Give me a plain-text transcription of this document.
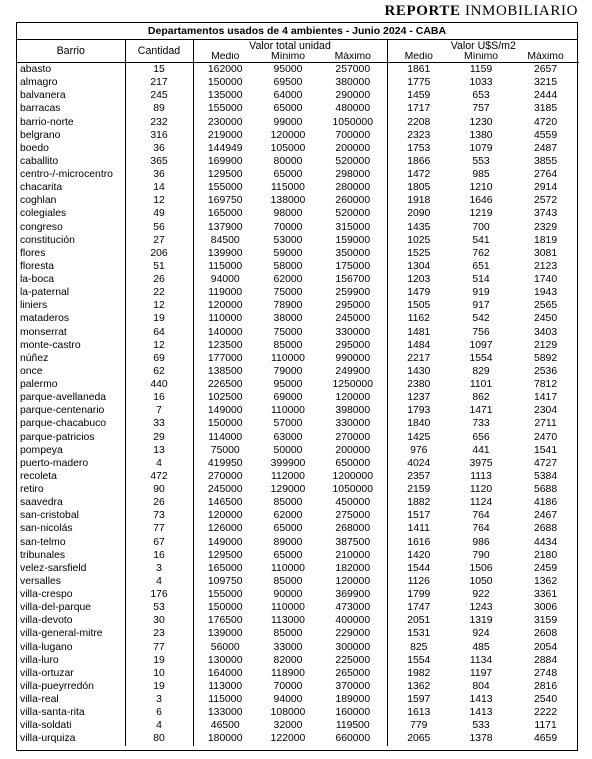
REPORTE INMOBILIARIO
Departamentos usados de 4 ambientes - Junio 2024 - CABA
Barrio	Cantidad	Valor total unidad			Valor U$S/m2		
		Medio	Mínimo	Máximo	Medio	Mínimo	Máximo
abasto	15	162000	95000	257000	1861	1159	2657
almagro	217	150000	69500	380000	1775	1033	3215
balvanera	245	135000	64000	290000	1459	653	2444
barracas	89	155000	65000	480000	1717	757	3185
barrio-norte	232	230000	99000	1050000	2208	1230	4720
belgrano	316	219000	120000	700000	2323	1380	4559
boedo	36	144949	105000	200000	1753	1079	2487
caballito	365	169900	80000	520000	1866	553	3855
centro-/-microcentro	36	129500	65000	298000	1472	985	2764
chacarita	14	155000	115000	280000	1805	1210	2914
coghlan	12	169750	138000	260000	1918	1646	2572
colegiales	49	165000	98000	520000	2090	1219	3743
congreso	56	137900	70000	315000	1435	700	2329
constitución	27	84500	53000	159000	1025	541	1819
flores	206	139900	59000	350000	1525	762	3081
floresta	51	115000	58000	175000	1304	651	2123
la-boca	26	94000	62000	156700	1203	514	1740
la-paternal	22	119000	75000	259900	1479	919	1943
liniers	12	120000	78900	295000	1505	917	2565
mataderos	19	110000	38000	245000	1162	542	2450
monserrat	64	140000	75000	330000	1481	756	3403
monte-castro	12	123500	85000	295000	1484	1097	2129
núñez	69	177000	110000	990000	2217	1554	5892
once	62	138500	79000	249900	1430	829	2536
palermo	440	226500	95000	1250000	2380	1101	7812
parque-avellaneda	16	102500	69000	120000	1237	862	1417
parque-centenario	7	149000	110000	398000	1793	1471	2304
parque-chacabuco	33	150000	57000	330000	1840	733	2711
parque-patricios	29	114000	63000	270000	1425	656	2470
pompeya	13	75000	50000	200000	976	441	1541
puerto-madero	4	419950	399900	650000	4024	3975	4727
recoleta	472	270000	112000	1200000	2357	1113	5384
retiro	90	245000	129000	1050000	2159	1120	5688
saavedra	26	146500	85000	450000	1882	1124	4186
san-cristobal	73	120000	62000	275000	1517	764	2467
san-nicolás	77	126000	65000	268000	1411	764	2688
san-telmo	67	149000	89000	387500	1616	986	4434
tribunales	16	129500	65000	210000	1420	790	2180
velez-sarsfield	3	165000	110000	182000	1544	1506	2459
versalles	4	109750	85000	120000	1126	1050	1362
villa-crespo	176	155000	90000	369900	1799	922	3361
villa-del-parque	53	150000	110000	473000	1747	1243	3006
villa-devoto	30	176500	113000	400000	2051	1319	3159
villa-general-mitre	23	139000	85000	229000	1531	924	2608
villa-lugano	77	56000	33000	300000	825	485	2054
villa-luro	19	130000	82000	225000	1554	1134	2884
villa-ortuzar	10	164000	118900	265000	1982	1197	2748
villa-pueyrredón	19	113000	70000	370000	1362	804	2816
villa-real	3	115000	94000	189000	1597	1413	2540
villa-santa-rita	6	133000	108000	160000	1613	1413	2222
villa-soldati	4	46500	32000	119500	779	533	1171
villa-urquiza	80	180000	122000	660000	2065	1378	4659
